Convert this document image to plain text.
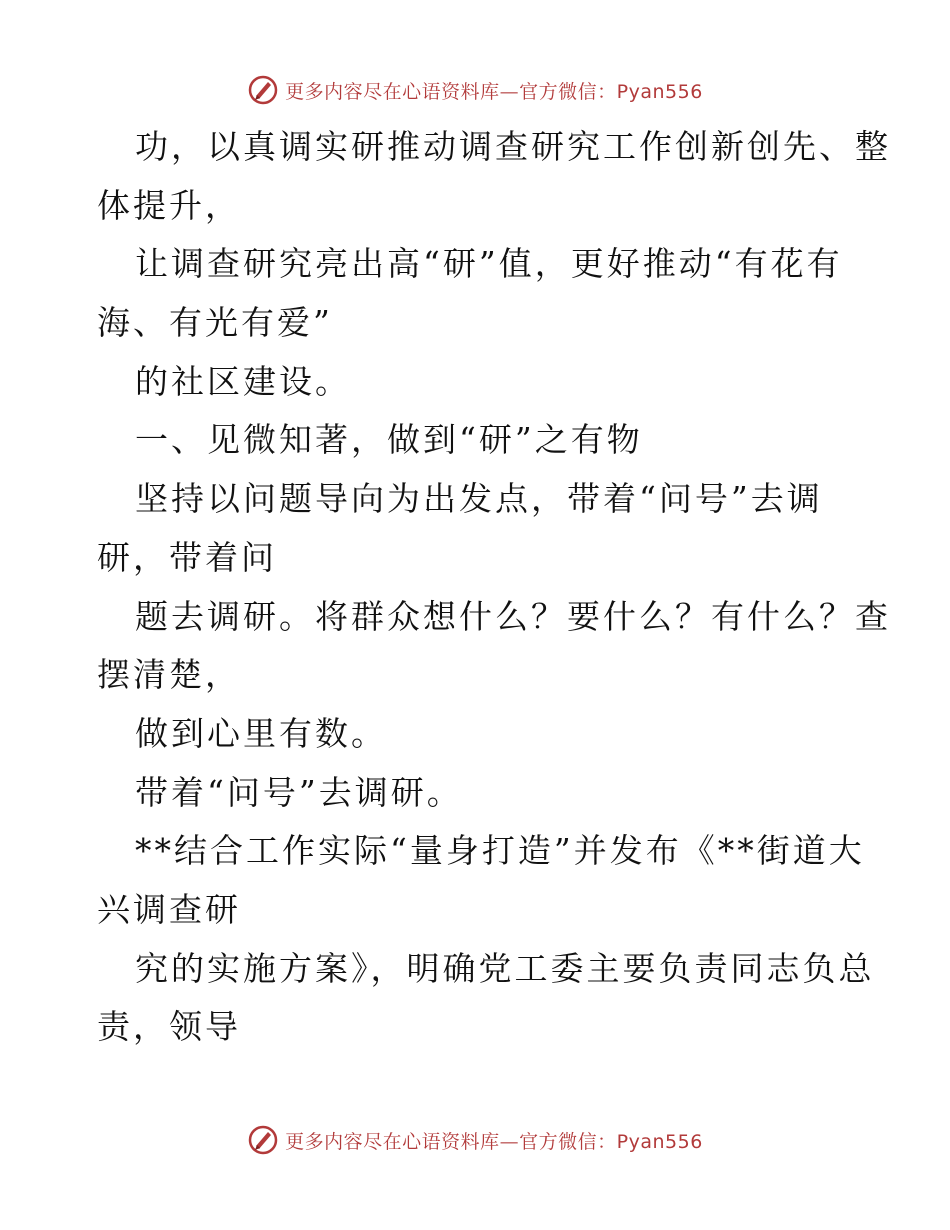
更多内容尽在心语资料库—官方微信：Pyan556
功，以真调实研推动调查研究工作创新创先、整
体提升，
让调查研究亮出高“研”值，更好推动“有花有
海、有光有爱”
的社区建设。
一、见微知著，做到“研”之有物
坚持以问题导向为出发点，带着“问号”去调
研，带着问
题去调研。将群众想什么？要什么？有什么？查
摆清楚，
做到心里有数。
带着“问号”去调研。
**结合工作实际“量身打造”并发布《**街道大
兴调查研
究的实施方案》，明确党工委主要负责同志负总
责，领导
更多内容尽在心语资料库—官方微信：Pyan556
